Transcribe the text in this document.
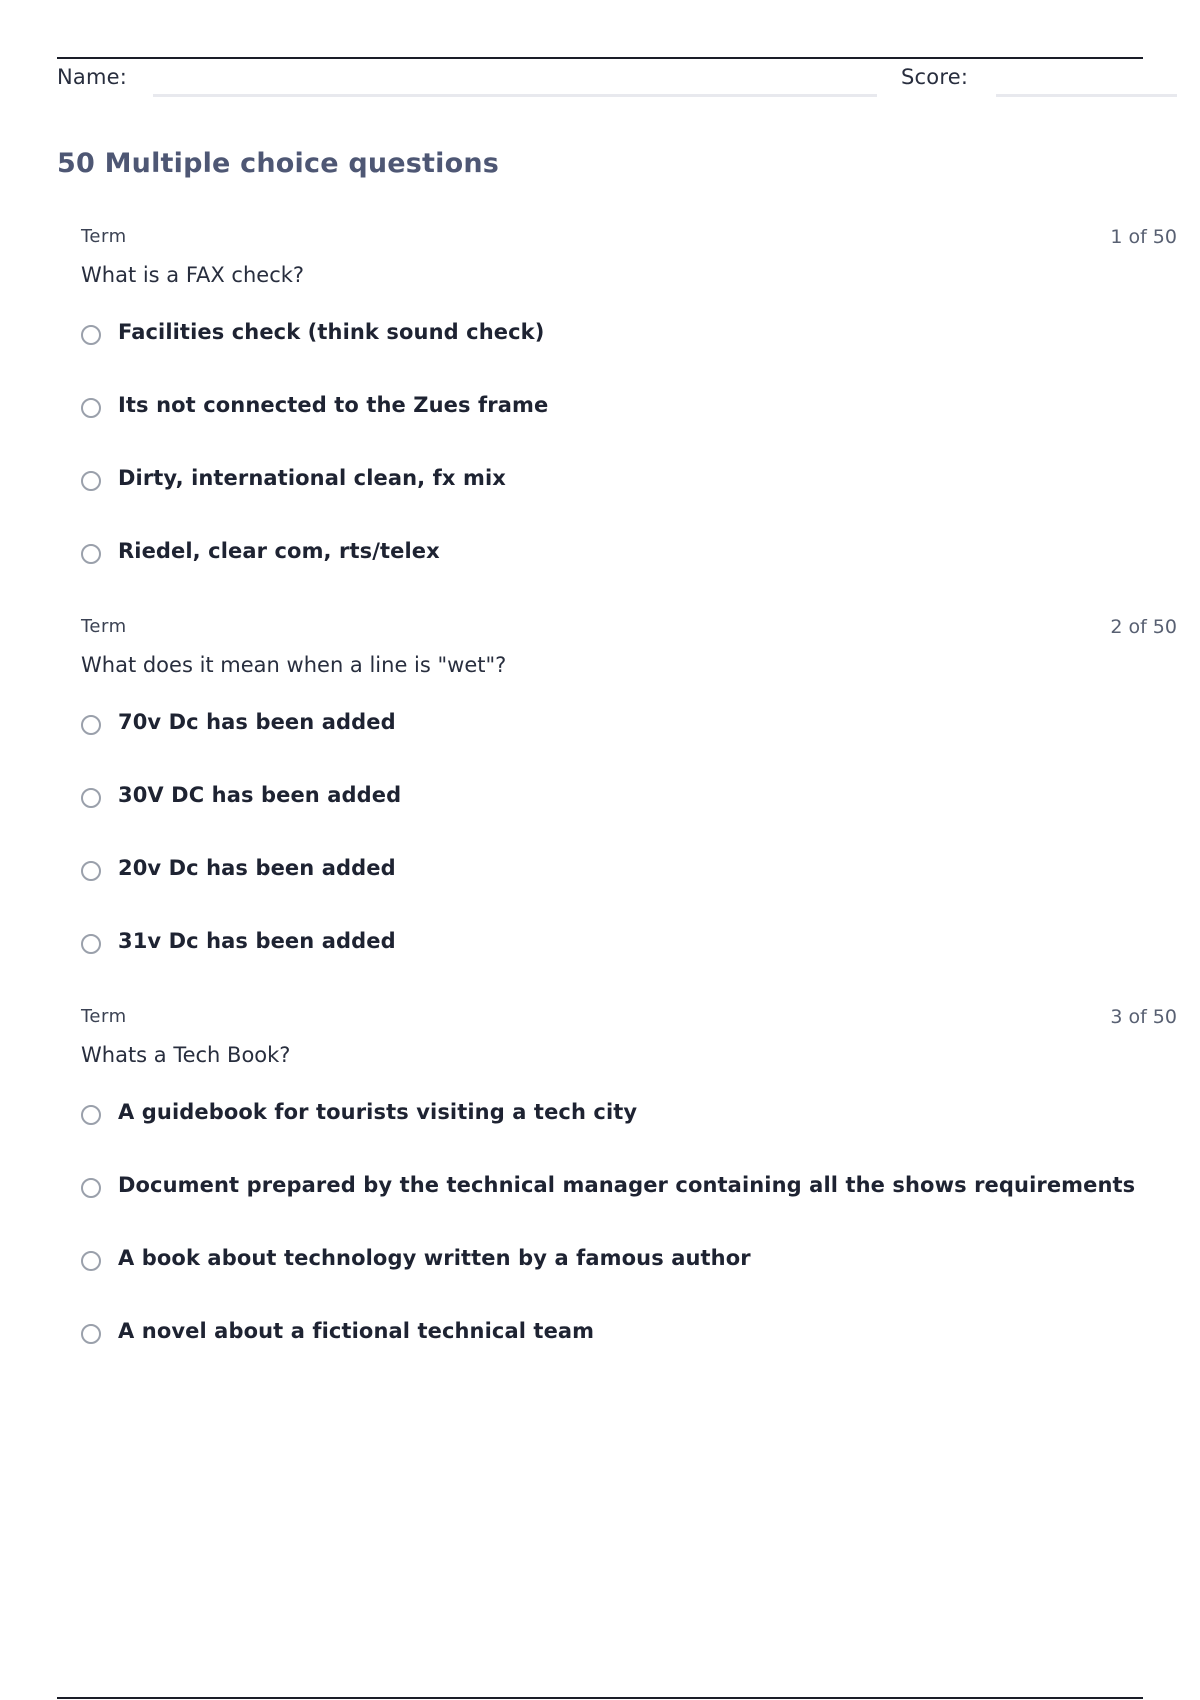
Name:	Score:
50 Multiple choice questions
Term	1 of 50
What is a FAX check?
Facilities check (think sound check)
Its not connected to the Zues frame
Dirty, international clean, fx mix
Riedel, clear com, rts/telex
Term	2 of 50
What does it mean when a line is "wet"?
70v Dc has been added
30V DC has been added
20v Dc has been added
31v Dc has been added
Term	3 of 50
Whats a Tech Book?
A guidebook for tourists visiting a tech city
Document prepared by the technical manager containing all the shows requirements
A book about technology written by a famous author
A novel about a fictional technical team
